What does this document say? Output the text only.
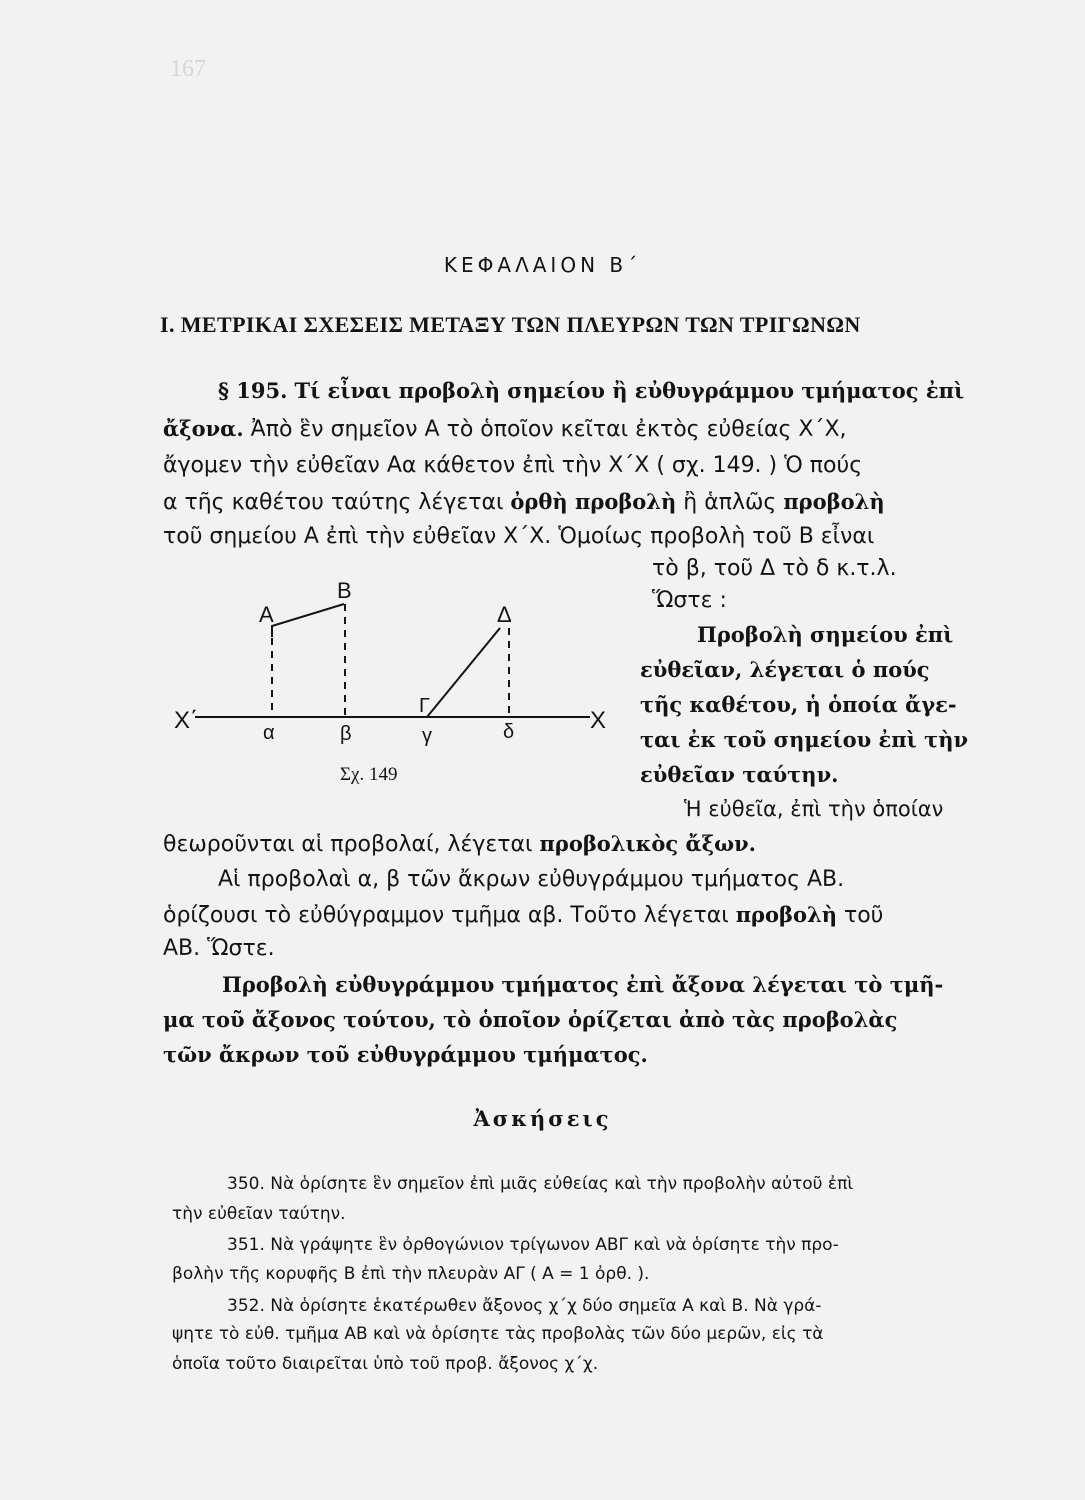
167
ΚΕΦΑΛΑΙΟΝ Β΄
Ι. ΜΕΤΡΙΚΑΙ ΣΧΕΣΕΙΣ ΜΕΤΑΞΥ ΤΩΝ ΠΛΕΥΡΩΝ ΤΩΝ ΤΡΙΓΩΝΩΝ
§ 195. Τί εἶναι προβολὴ σημείου ἢ εὐθυγράμμου τμήματος ἐπὶ
ἄξονα. Ἀπὸ ἓν σημεῖον Α τὸ ὁποῖον κεῖται ἐκτὸς εὐθείας Χ΄Χ,
ἄγομεν τὴν εὐθεῖαν Αα κάθετον ἐπὶ τὴν Χ΄Χ ( σχ. 149. ) Ὁ πούς
α τῆς καθέτου ταύτης λέγεται ὀρθὴ προβολὴ ἢ ἁπλῶς προβολὴ
τοῦ σημείου Α ἐπὶ τὴν εὐθεῖαν Χ΄Χ. Ὁμοίως προβολὴ τοῦ Β εἶναι
τὸ β, τοῦ Δ τὸ δ κ.τ.λ.
Ὥστε :
Προβολὴ σημείου ἐπὶ
εὐθεῖαν, λέγεται ὁ πούς
τῆς καθέτου, ἡ ὁποία ἄγε-
ται ἐκ τοῦ σημείου ἐπὶ τὴν
εὐθεῖαν ταύτην.
Α
Β
Δ
Γ
Χ΄	Χ
α	β	γ	δ
Σχ. 149
Ἡ εὐθεῖα, ἐπὶ τὴν ὁποίαν
θεωροῦνται αἱ προβολαί, λέγεται προβολικὸς ἄξων.
Αἱ προβολαὶ α, β τῶν ἄκρων εὐθυγράμμου τμήματος ΑΒ.
ὁρίζουσι τὸ εὐθύγραμμον τμῆμα αβ. Τοῦτο λέγεται προβολὴ τοῦ
ΑΒ. Ὥστε.
Προβολὴ εὐθυγράμμου τμήματος ἐπὶ ἄξονα λέγεται τὸ τμῆ-
μα τοῦ ἄξονος τούτου, τὸ ὁποῖον ὁρίζεται ἀπὸ τὰς προβολὰς
τῶν ἄκρων τοῦ εὐθυγράμμου τμήματος.
Ἀσκήσεις
350. Νὰ ὁρίσητε ἓν σημεῖον ἐπὶ μιᾶς εὐθείας καὶ τὴν προβολὴν αὐτοῦ ἐπὶ
τὴν εὐθεῖαν ταύτην.
351. Νὰ γράψητε ἓν ὀρθογώνιον τρίγωνον ΑΒΓ καὶ νὰ ὁρίσητε τὴν προ-
βολὴν τῆς κορυφῆς Β ἐπὶ τὴν πλευρὰν ΑΓ ( Α = 1 ὀρθ. ).
352. Νὰ ὁρίσητε ἑκατέρωθεν ἄξονος χ΄χ δύο σημεῖα Α καὶ Β. Νὰ γρά-
ψητε τὸ εὐθ. τμῆμα ΑΒ καὶ νὰ ὁρίσητε τὰς προβολὰς τῶν δύο μερῶν, εἰς τὰ
ὁποῖα τοῦτο διαιρεῖται ὑπὸ τοῦ προβ. ἄξονος χ΄χ.
